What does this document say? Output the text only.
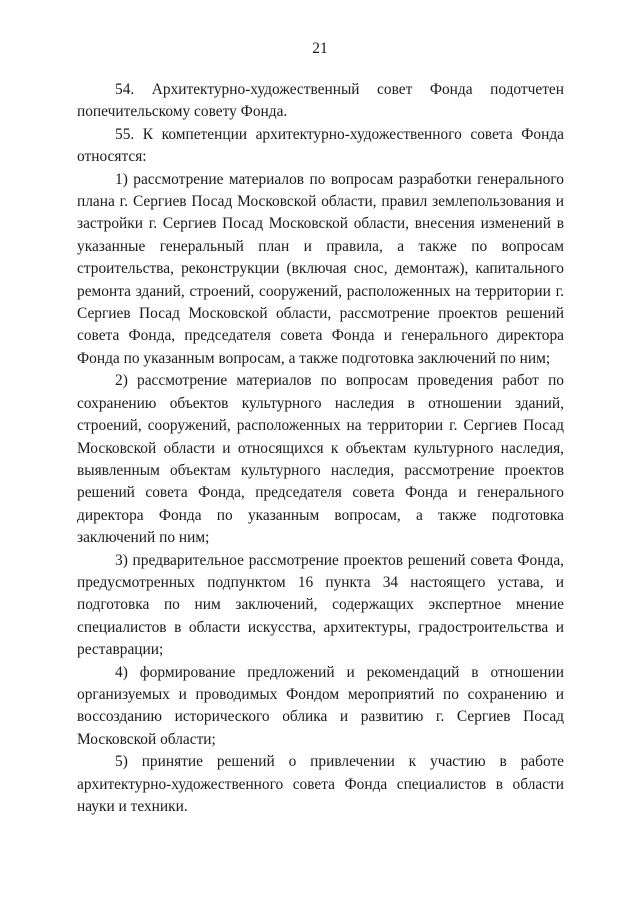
21

54. Архитектурно-художественный совет Фонда подотчетен попечительскому совету Фонда.

55. К компетенции архитектурно-художественного совета Фонда относятся:

1) рассмотрение материалов по вопросам разработки генерального плана г. Сергиев Посад Московской области, правил землепользования и застройки г. Сергиев Посад Московской области, внесения изменений в указанные генеральный план и правила, а также по вопросам строительства, реконструкции (включая снос, демонтаж), капитального ремонта зданий, строений, сооружений, расположенных на территории г. Сергиев Посад Московской области, рассмотрение проектов решений совета Фонда, председателя совета Фонда и генерального директора Фонда по указанным вопросам, а также подготовка заключений по ним;

2) рассмотрение материалов по вопросам проведения работ по сохранению объектов культурного наследия в отношении зданий, строений, сооружений, расположенных на территории г. Сергиев Посад Московской области и относящихся к объектам культурного наследия, выявленным объектам культурного наследия, рассмотрение проектов решений совета Фонда, председателя совета Фонда и генерального директора Фонда по указанным вопросам, а также подготовка заключений по ним;

3) предварительное рассмотрение проектов решений совета Фонда, предусмотренных подпунктом 16 пункта 34 настоящего устава, и подготовка по ним заключений, содержащих экспертное мнение специалистов в области искусства, архитектуры, градостроительства и реставрации;

4) формирование предложений и рекомендаций в отношении организуемых и проводимых Фондом мероприятий по сохранению и воссозданию исторического облика и развитию г. Сергиев Посад Московской области;

5) принятие решений о привлечении к участию в работе архитектурно-художественного совета Фонда специалистов в области науки и техники.
